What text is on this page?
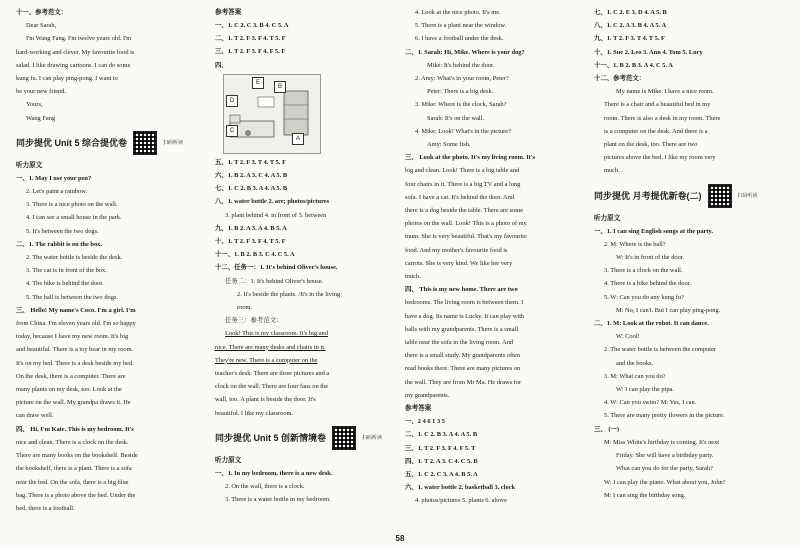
十一、参考范文：
Dear Sarah,
I'm Wang Fang. I'm twelve years old. I'm
hard-working and clever. My favourite food is
salad. I like drawing cartoons. I can do some
kung fu. I can play ping-pong. I want to
be your new friend.
Yours,
Wang Fang
同步提优 Unit 5 综合提优卷	扫码听读
听力原文
一、1. May I use your pen?
2. Let's paint a rainbow.
3. There is a nice photo on the wall.
4. I can see a small house in the park.
5. It's between the two dogs.
二、1. The rabbit is on the box.
2. The water bottle is beside the desk.
3. The cat is in front of the box.
4. The bike is behind the door.
5. The ball is between the two dogs.
三、 Hello! My name's Coco. I'm a girl. I'm
from China. I'm eleven years old. I'm so happy
today, because I have my new room. It's big
and beautiful. There is a toy bear in my room.
It's on my bed. There is a desk beside my bed.
On the desk, there is a computer. There are
many plants on my desk, too. Look at the
picture on the wall. My grandpa draws it. He
can draw well.
四、 Hi, I'm Kate. This is my bedroom. It's
nice and clean. There is a clock on the desk.
There are many books on the bookshelf. Beside
the bookshelf, there is a plant. There is a sofa
near the bed. On the sofa, there is a big blue
bag. There is a photo above the bed. Under the
bed, there is a football.
参考答案
一、1. C 2. C 3. B 4. C 5. A
二、1. T 2. F 3. F 4. T 5. F
三、1. T 2. F 3. F 4. F 5. F
四、
E
B
D
C
A
五、1. T 2. F 3. T 4. T 5. F
六、1. B 2. A 3. C 4. A 5. B
七、1. C 2. B 3. A 4. A 5. B
八、1. water bottle 2. are; photos/pictures
3. plant behind 4. in front of 5. between
九、1. B 2. A 3. A 4. B 5. A
十、1. T 2. F 3. F 4. T 5. F
十一、1. B 2. B 3. C 4. C 5. A
十二、任务一：1. It's behind Oliver's house.
任务二：1. It's behind Oliver's house.
2. It's beside the plants. /It's in the living
room.
任务三：参考范文：
Look! This is my classroom. It's big and
nice. There are many desks and chairs in it.
They're new. There is a computer on the
teacher's desk. There are three pictures and a
clock on the wall. There are four fans on the
wall, too. A plant is beside the door. It's
beautiful. I like my classroom.
同步提优 Unit 5 创新情境卷	扫码听读
听力原文
一、1. In my bedroom, there is a new desk.
2. On the wall, there is a clock.
3. There is a water bottle in my bedroom.
4. Look at the nice photo. It's me.
5. There is a plant near the window.
6. I have a football under the desk.
二、1. Sarah: Hi, Mike. Where is your dog?
Mike: It's behind the door.
2. Amy: What's in your room, Peter?
Peter: There is a big desk.
3. Mike: Where is the clock, Sarah?
Sarah: It's on the wall.
4. Mike: Look! What's in the picture?
Amy: Some fish.
三、 Look at the photo. It's my living room. It's
big and clean. Look! There is a big table and
four chairs in it. There is a big TV and a long
sofa. I have a cat. It's behind the door. And
there is a dog beside the table. There are some
photos on the wall. Look! This is a photo of my
mum. She is very beautiful. That's my favourite
food. And my mother's favourite food is
carrots. She is very kind. We like her very
much.
四、 This is my new home. There are two
bedrooms. The living room is between them. I
have a dog. Its name is Lucky. It can play with
balls with my grandparents. There is a small
table near the sofa in the living room. And
there is a small study. My grandparents often
read books there. There are many pictures on
the wall. They are from Mr Ma. He draws for
my grandparents.
参考答案
一、2 4 6 1 3 5
二、1. C 2. B 3. A 4. A 5. B
三、1. T 2. F 3. F 4. F 5. T
四、1. T 2. A 3. C 4. C 5. B
五、1. C 2. C 3. A 4. B 5. A
六、1. water bottle 2. basketball 3. clock
4. photos/pictures 5. plants 6. above
七、1. C 2. E 3. D 4. A 5. B
八、1. C 2. A 3. B 4. A 5. A
九、1. T 2. F 3. T 4. T 5. F
十、1. Sue 2. Leo 3. Ann 4. Tom 5. Lucy
十一、1. B 2. B 3. A 4. C 5. A
十二、参考范文：
My name is Mike. I have a nice room.
There is a chair and a beautiful bed in my
room. There is also a desk in my room. There
is a computer on the desk. And there is a
plant on the desk, too. There are two
pictures above the bed. I like my room very
much.
同步提优 月考提优新卷(二)	扫码听读
听力原文
一、1. I can sing English songs at the party.
2. M: Where is the ball?
W: It's in front of the door.
3. There is a clock on the wall.
4. There is a bike behind the door.
5. W: Can you do any kung fu?
M: No, I can't. But I can play ping-pong.
二、1. M: Look at the robot. It can dance.
W: Cool!
2. The water bottle is between the computer
and the books.
3. M: What can you do?
W: I can play the pipa.
4. W: Can you swim? M: Yes, I can.
5. There are many pretty flowers in the picture.
三、 (一)
M: Miss White's birthday is coming. It's next
Friday. She will have a birthday party.
What can you do for the party, Sarah?
W: I can play the piano. What about you, John?
M: I can sing the birthday song.
58
